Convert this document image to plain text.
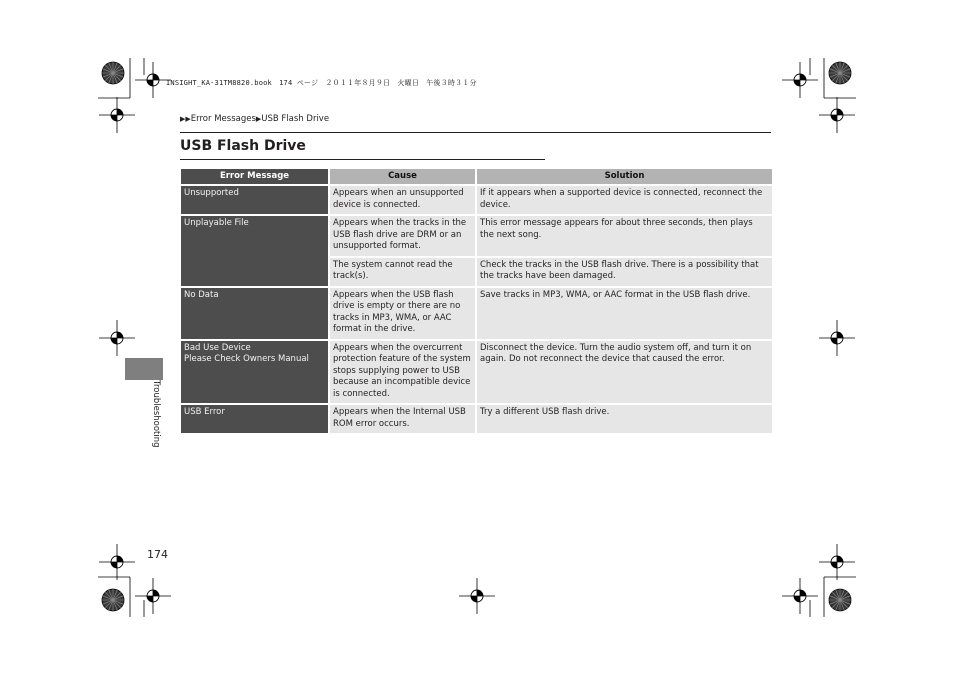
INSIGHT_KA-31TM8820.book　174 ページ　２０１１年８月９日　火曜日　午後３時３１分
▶▶Error Messages▶USB Flash Drive
USB Flash Drive
Troubleshooting
174
Error Message	Cause	Solution

Unsupported	Appears when an unsupported device is connected.	If it appears when a supported device is connected, reconnect the device.

Unplayable File	Appears when the tracks in the USB flash drive are DRM or an unsupported format.	This error message appears for about three seconds, then plays the next song.
	The system cannot read the track(s).	Check the tracks in the USB flash drive. There is a possibility that the tracks have been damaged.

No Data	Appears when the USB flash drive is empty or there are no tracks in MP3, WMA, or AAC format in the drive.	Save tracks in MP3, WMA, or AAC format in the USB flash drive.

Bad Use Device
Please Check Owners Manual	Appears when the overcurrent protection feature of the system stops supplying power to USB because an incompatible device is connected.	Disconnect the device. Turn the audio system off, and turn it on again. Do not reconnect the device that caused the error.

USB Error	Appears when the Internal USB ROM error occurs.	Try a different USB flash drive.
